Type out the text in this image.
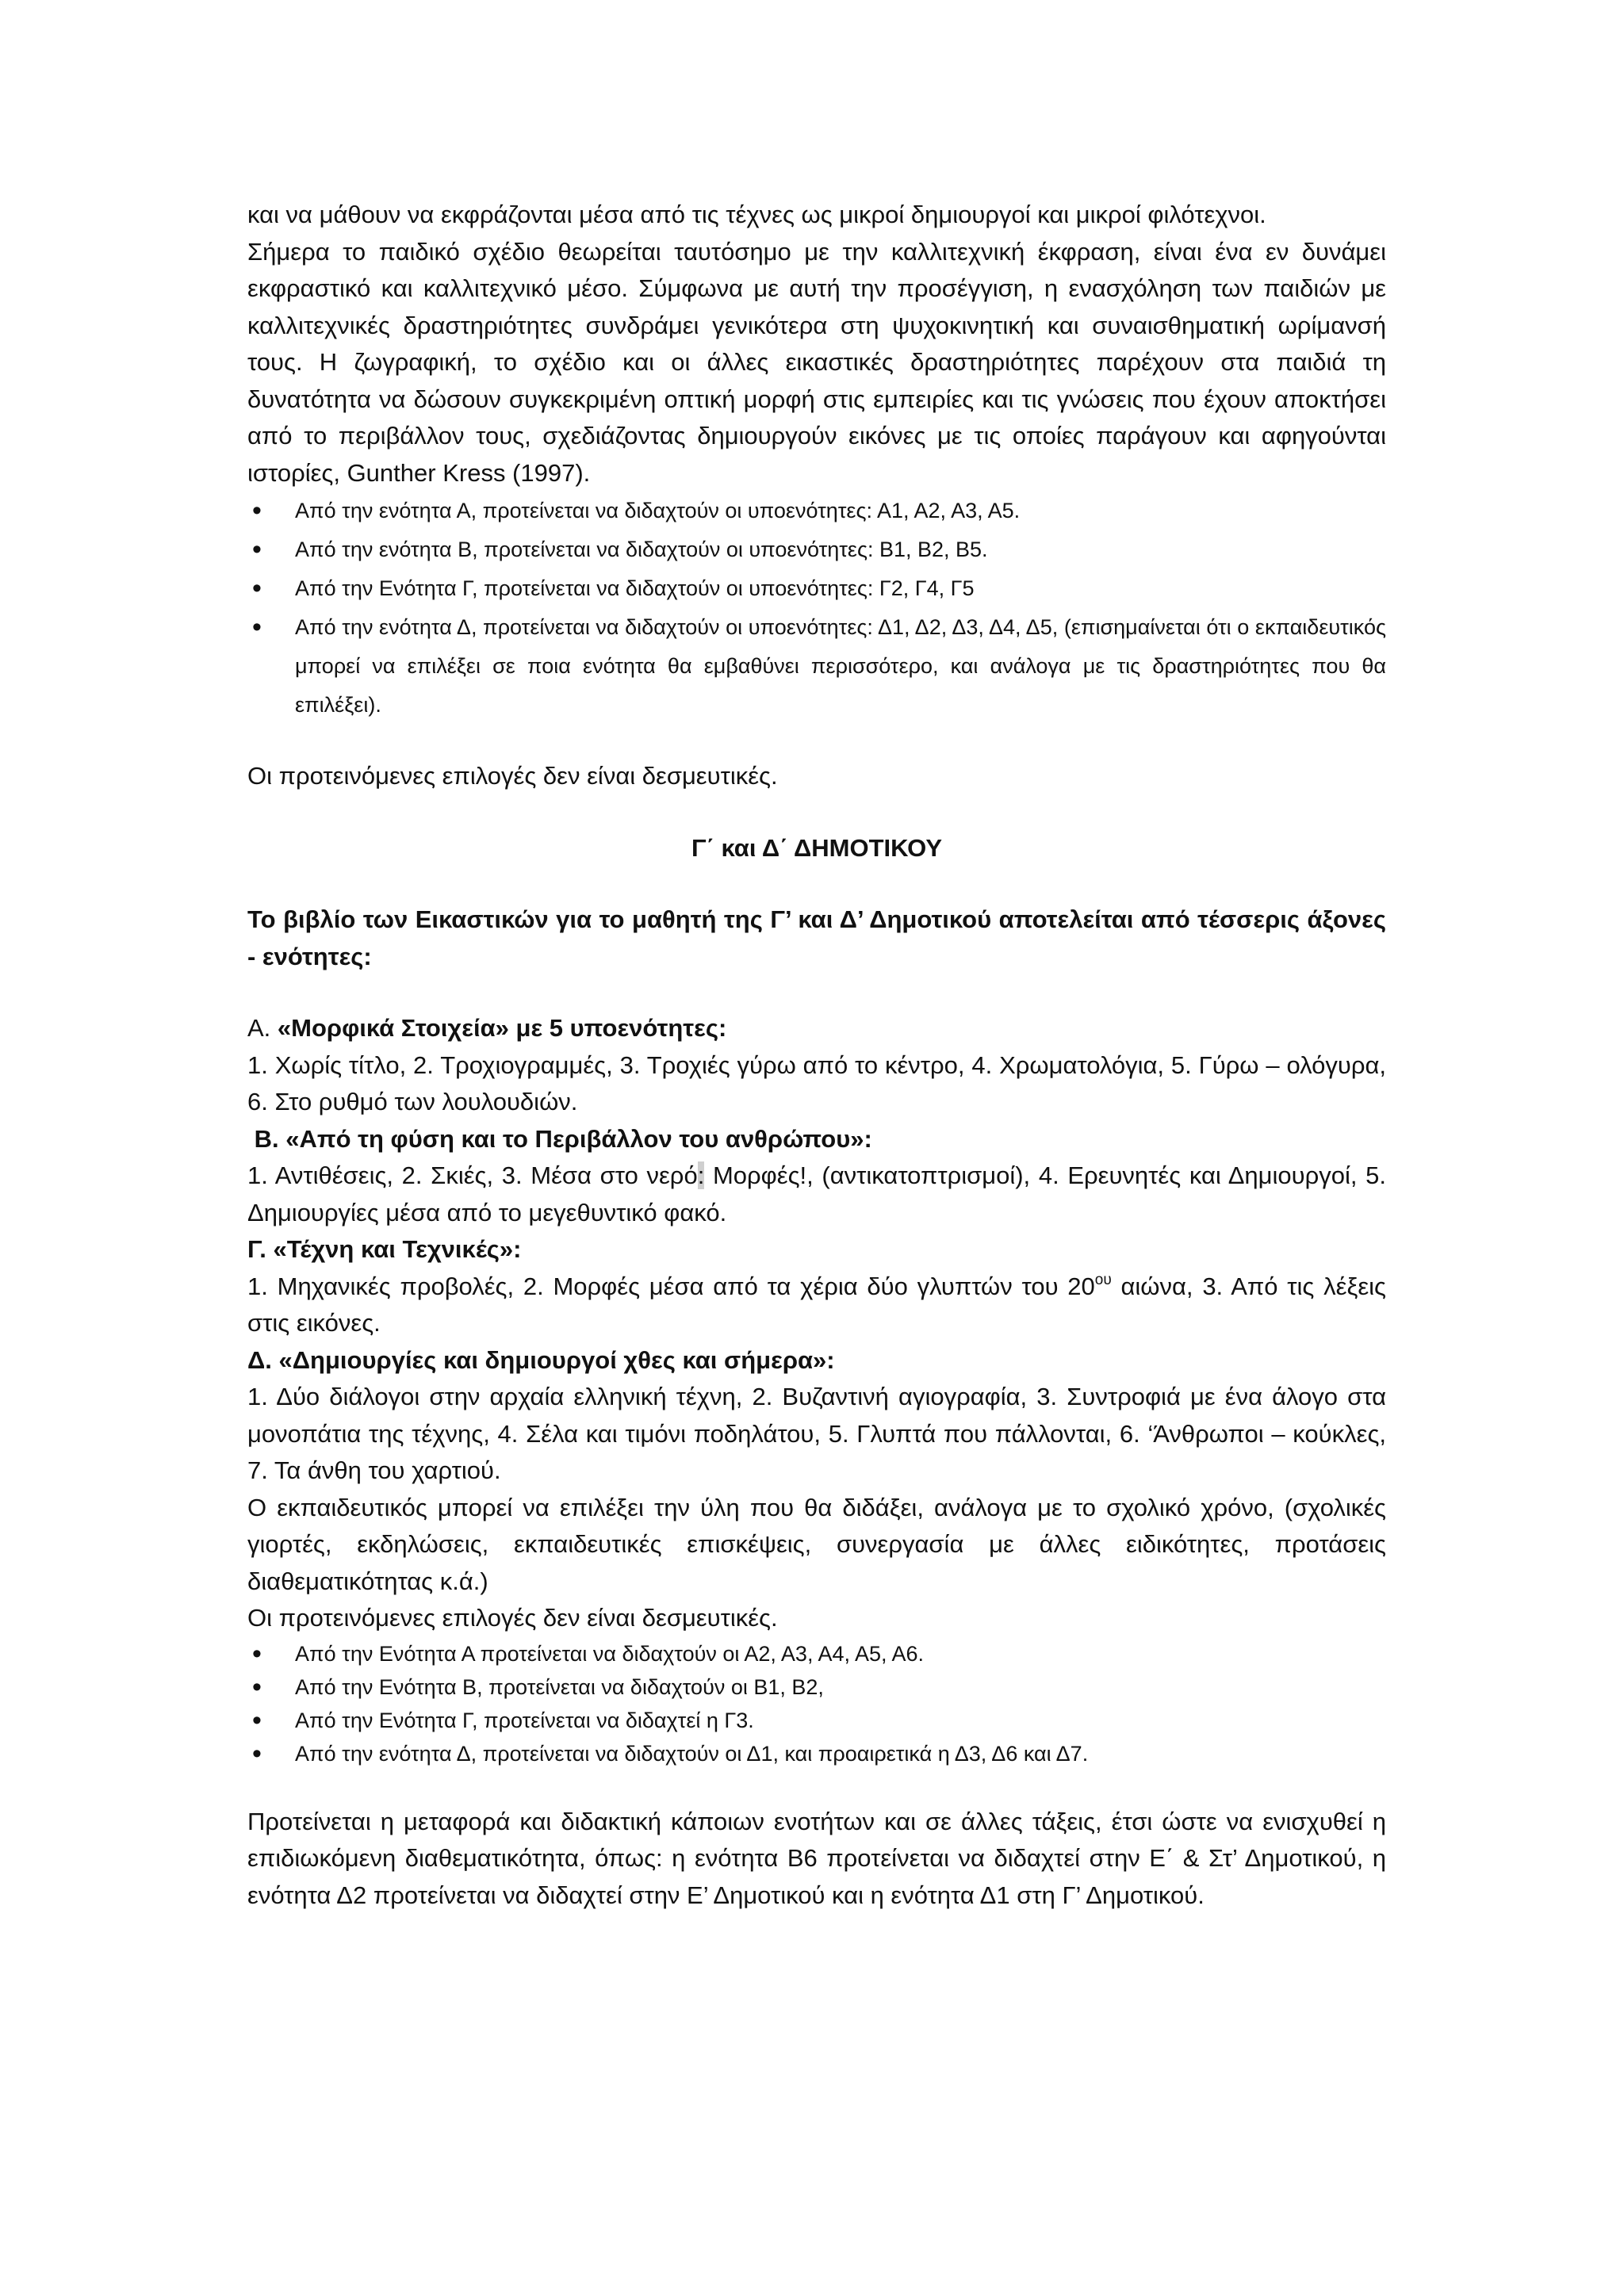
και να μάθουν να εκφράζονται μέσα από τις τέχνες ως μικροί δημιουργοί και μικροί φιλότεχνοι.

Σήμερα το παιδικό σχέδιο θεωρείται ταυτόσημο με την καλλιτεχνική έκφραση, είναι ένα εν δυνάμει εκφραστικό και καλλιτεχνικό μέσο. Σύμφωνα με αυτή την προσέγγιση, η ενασχόληση των παιδιών με καλλιτεχνικές δραστηριότητες συνδράμει γενικότερα στη ψυχοκινητική και συναισθηματική ωρίμανσή τους. Η ζωγραφική, το σχέδιο και οι άλλες εικαστικές δραστηριότητες παρέχουν στα παιδιά τη δυνατότητα να δώσουν συγκεκριμένη οπτική μορφή στις εμπειρίες και τις γνώσεις που έχουν αποκτήσει από το περιβάλλον τους, σχεδιάζοντας δημιουργούν εικόνες με τις οποίες παράγουν και αφηγούνται ιστορίες, Gunther Kress (1997).

• Από την ενότητα Α, προτείνεται να διδαχτούν οι υποενότητες: Α1, Α2, Α3, Α5.
• Από την ενότητα Β, προτείνεται να διδαχτούν οι υποενότητες: Β1, Β2, Β5.
• Από την Ενότητα Γ, προτείνεται να διδαχτούν οι υποενότητες: Γ2, Γ4, Γ5
• Από την ενότητα Δ, προτείνεται να διδαχτούν οι υποενότητες: Δ1, Δ2, Δ3, Δ4, Δ5, (επισημαίνεται ότι ο εκπαιδευτικός μπορεί να επιλέξει σε ποια ενότητα θα εμβαθύνει περισσότερο, και ανάλογα με τις δραστηριότητες που θα επιλέξει).

Οι προτεινόμενες επιλογές δεν είναι δεσμευτικές.

Γ΄ και Δ΄ ΔΗΜΟΤΙΚΟΥ

Το βιβλίο των Εικαστικών για το μαθητή της Γ’ και Δ’ Δημοτικού αποτελείται από τέσσερις άξονες - ενότητες:

Α. «Μορφικά Στοιχεία» με 5 υποενότητες:

1. Χωρίς τίτλο, 2. Τροχιογραμμές, 3. Τροχιές γύρω από το κέντρο, 4. Χρωματολόγια, 5. Γύρω – ολόγυρα, 6. Στο ρυθμό των λουλουδιών.

Β. «Από τη φύση και το Περιβάλλον του ανθρώπου»:

1. Αντιθέσεις, 2. Σκιές, 3. Μέσα στο νερό: Μορφές!, (αντικατοπτρισμοί), 4. Ερευνητές και Δημιουργοί, 5. Δημιουργίες μέσα από το μεγεθυντικό φακό.

Γ. «Τέχνη και Τεχνικές»:

1. Μηχανικές προβολές, 2. Μορφές μέσα από τα χέρια δύο γλυπτών του $20^{o\upsilon}$ αιώνα, 3. Από τις λέξεις στις εικόνες.

Δ. «Δημιουργίες και δημιουργοί χθες και σήμερα»:

1. Δύο διάλογοι στην αρχαία ελληνική τέχνη, 2. Βυζαντινή αγιογραφία, 3. Συντροφιά με ένα άλογο στα μονοπάτια της τέχνης, 4. Σέλα και τιμόνι ποδηλάτου, 5. Γλυπτά που πάλλονται, 6. ‘Άνθρωποι – κούκλες, 7. Τα άνθη του χαρτιού.

Ο εκπαιδευτικός μπορεί να επιλέξει την ύλη που θα διδάξει, ανάλογα με το σχολικό χρόνο, (σχολικές γιορτές, εκδηλώσεις, εκπαιδευτικές επισκέψεις, συνεργασία με άλλες ειδικότητες, προτάσεις διαθεματικότητας κ.ά.)

Οι προτεινόμενες επιλογές δεν είναι δεσμευτικές.

• Από την Ενότητα Α προτείνεται να διδαχτούν οι Α2, Α3, Α4, Α5, Α6.
• Από την Ενότητα Β, προτείνεται να διδαχτούν οι Β1, Β2,
• Από την Ενότητα Γ, προτείνεται να διδαχτεί η Γ3.
• Από την ενότητα Δ, προτείνεται να διδαχτούν οι Δ1, και προαιρετικά η Δ3, Δ6 και Δ7.

Προτείνεται η μεταφορά και διδακτική κάποιων ενοτήτων και σε άλλες τάξεις, έτσι ώστε να ενισχυθεί η επιδιωκόμενη διαθεματικότητα, όπως: η ενότητα Β6 προτείνεται να διδαχτεί στην Ε΄ & Στ’ Δημοτικού, η ενότητα Δ2 προτείνεται να διδαχτεί στην Ε’ Δημοτικού και η ενότητα Δ1 στη Γ’ Δημοτικού.
